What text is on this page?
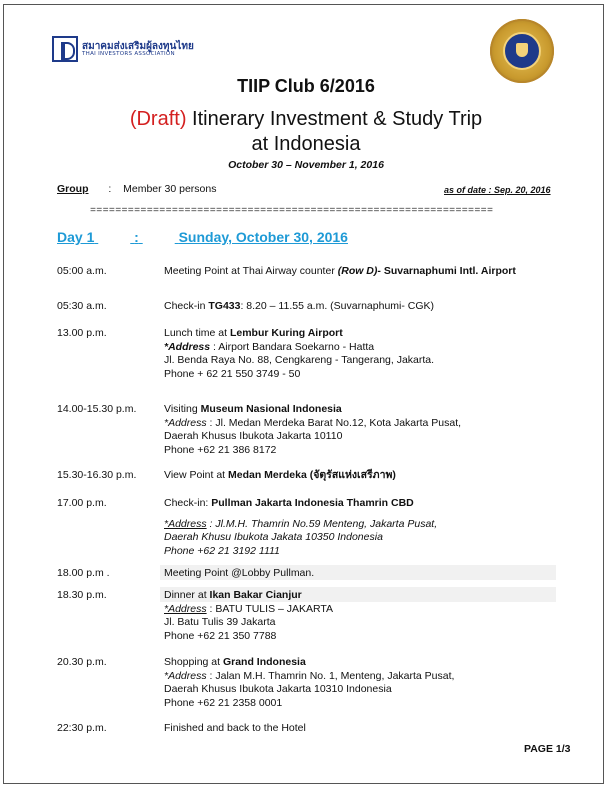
สมาคมส่งเสริมผู้ลงทุนไทย
THAI INVESTORS ASSOCIATION
TIIP Club 6/2016
(Draft) Itinerary Investment & Study Trip
at Indonesia
October 30 – November 1, 2016
Group : Member 30 persons	as of date : Sep. 20, 2016
================================================================
Day 1	:	Sunday, October 30, 2016
05:00 a.m.	Meeting Point at Thai Airway counter (Row D)- Suvarnaphumi Intl. Airport
05:30 a.m.	Check-in TG433: 8.20 – 11.55 a.m. (Suvarnaphumi- CGK)
13.00 p.m.	Lunch time at Lembur Kuring Airport
*Address : Airport Bandara Soekarno - Hatta
Jl. Benda Raya No. 88, Cengkareng - Tangerang, Jakarta.
Phone + 62 21 550 3749 - 50
14.00-15.30 p.m.	Visiting Museum Nasional Indonesia
*Address : Jl. Medan Merdeka Barat No.12, Kota Jakarta Pusat,
Daerah Khusus Ibukota Jakarta 10110
Phone +62 21 386 8172
15.30-16.30 p.m.	View Point at Medan Merdeka (จัตุรัสแห่งเสรีภาพ)
17.00 p.m.	Check-in: Pullman Jakarta Indonesia Thamrin CBD
*Address : Jl.M.H. Thamrin No.59 Menteng, Jakarta Pusat,
Daerah Khusu Ibukota Jakata 10350 Indonesia
Phone +62 21 3192 1111
18.00 p.m .	Meeting Point @Lobby Pullman.
18.30 p.m.	Dinner at Ikan Bakar Cianjur
*Address : BATU TULIS – JAKARTA
Jl. Batu Tulis 39 Jakarta
Phone +62 21 350 7788
20.30 p.m.	Shopping at Grand Indonesia
*Address : Jalan M.H. Thamrin No. 1, Menteng, Jakarta Pusat,
Daerah Khusus Ibukota Jakarta 10310 Indonesia
Phone +62 21 2358 0001
22:30 p.m.	Finished and back to the Hotel
PAGE 1/3
